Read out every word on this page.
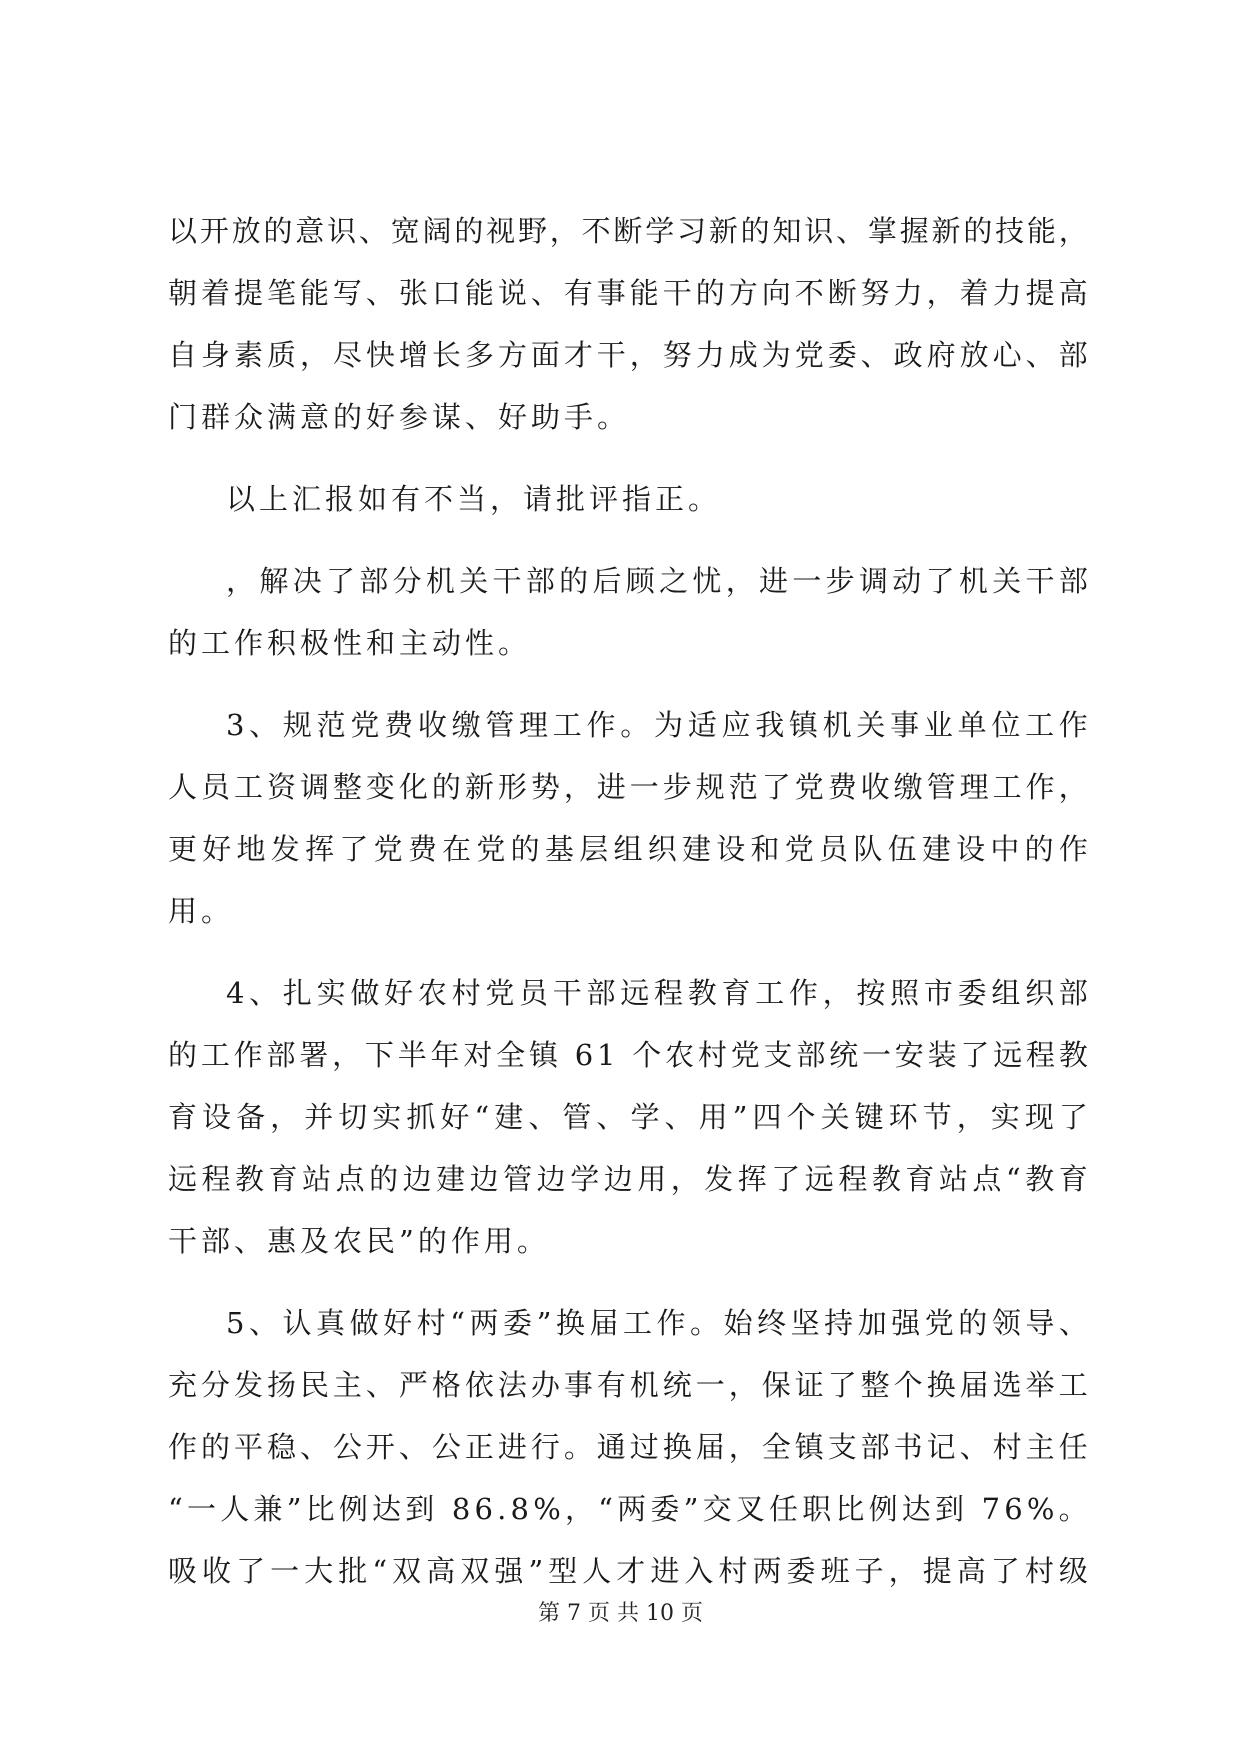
以 开 放 的 意 识 、 宽 阔 的 视 野 ， 不 断 学 习 新 的 知 识 、 掌 握 新 的 技 能 ，
朝 着 提 笔 能 写 、 张 口 能 说 、 有 事 能 干 的 方 向 不 断 努 力 ， 着 力 提 高
自 身 素 质 ， 尽 快 增 长 多 方 面 才 干 ， 努 力 成 为 党 委 、 政 府 放 心 、 部
门群众满意的好参谋、好助手。
以上汇报如有不当，请批评指正。
， 解 决 了 部 分 机 关 干 部 的 后 顾 之 忧 ， 进 一 步 调 动 了 机 关 干 部
的工作积极性和主动性。
3 、 规 范 党 费 收 缴 管 理 工 作 。 为 适 应 我 镇 机 关 事 业 单 位 工 作
人 员 工 资 调 整 变 化 的 新 形 势 ， 进 一 步 规 范 了 党 费 收 缴 管 理 工 作 ，
更 好 地 发 挥 了 党 费 在 党 的 基 层 组 织 建 设 和 党 员 队 伍 建 设 中 的 作
用。
4 、 扎 实 做 好 农 村 党 员 干 部 远 程 教 育 工 作 ， 按 照 市 委 组 织 部
的 工 作 部 署 ， 下 半 年 对 全 镇
6 1
个 农 村 党 支 部 统 一 安 装 了 远 程 教
育 设 备 ， 并 切 实 抓 好 “ 建 、 管 、 学 、 用 ” 四 个 关 键 环 节 ， 实 现 了
远 程 教 育 站 点 的 边 建 边 管 边 学 边 用 ， 发 挥 了 远 程 教 育 站 点 “ 教 育
干部、惠及农民”的作用。
5 、 认 真 做 好 村 “ 两 委 ” 换 届 工 作 。 始 终 坚 持 加 强 党 的 领 导 、
充 分 发 扬 民 主 、 严 格 依 法 办 事 有 机 统 一 ， 保 证 了 整 个 换 届 选 举 工
作 的 平 稳 、 公 开 、 公 正 进 行 。 通 过 换 届 ， 全 镇 支 部 书 记 、 村 主 任
“ 一 人 兼 ” 比 例 达 到
8 6 . 8 % ， “ 两 委 ” 交 叉 任 职 比 例 达 到
7 6 % 。
吸 收 了 一 大 批 “ 双 高 双 强 ” 型 人 才 进 入 村 两 委 班 子 ， 提 高 了 村 级
第 7 页 共 10 页
